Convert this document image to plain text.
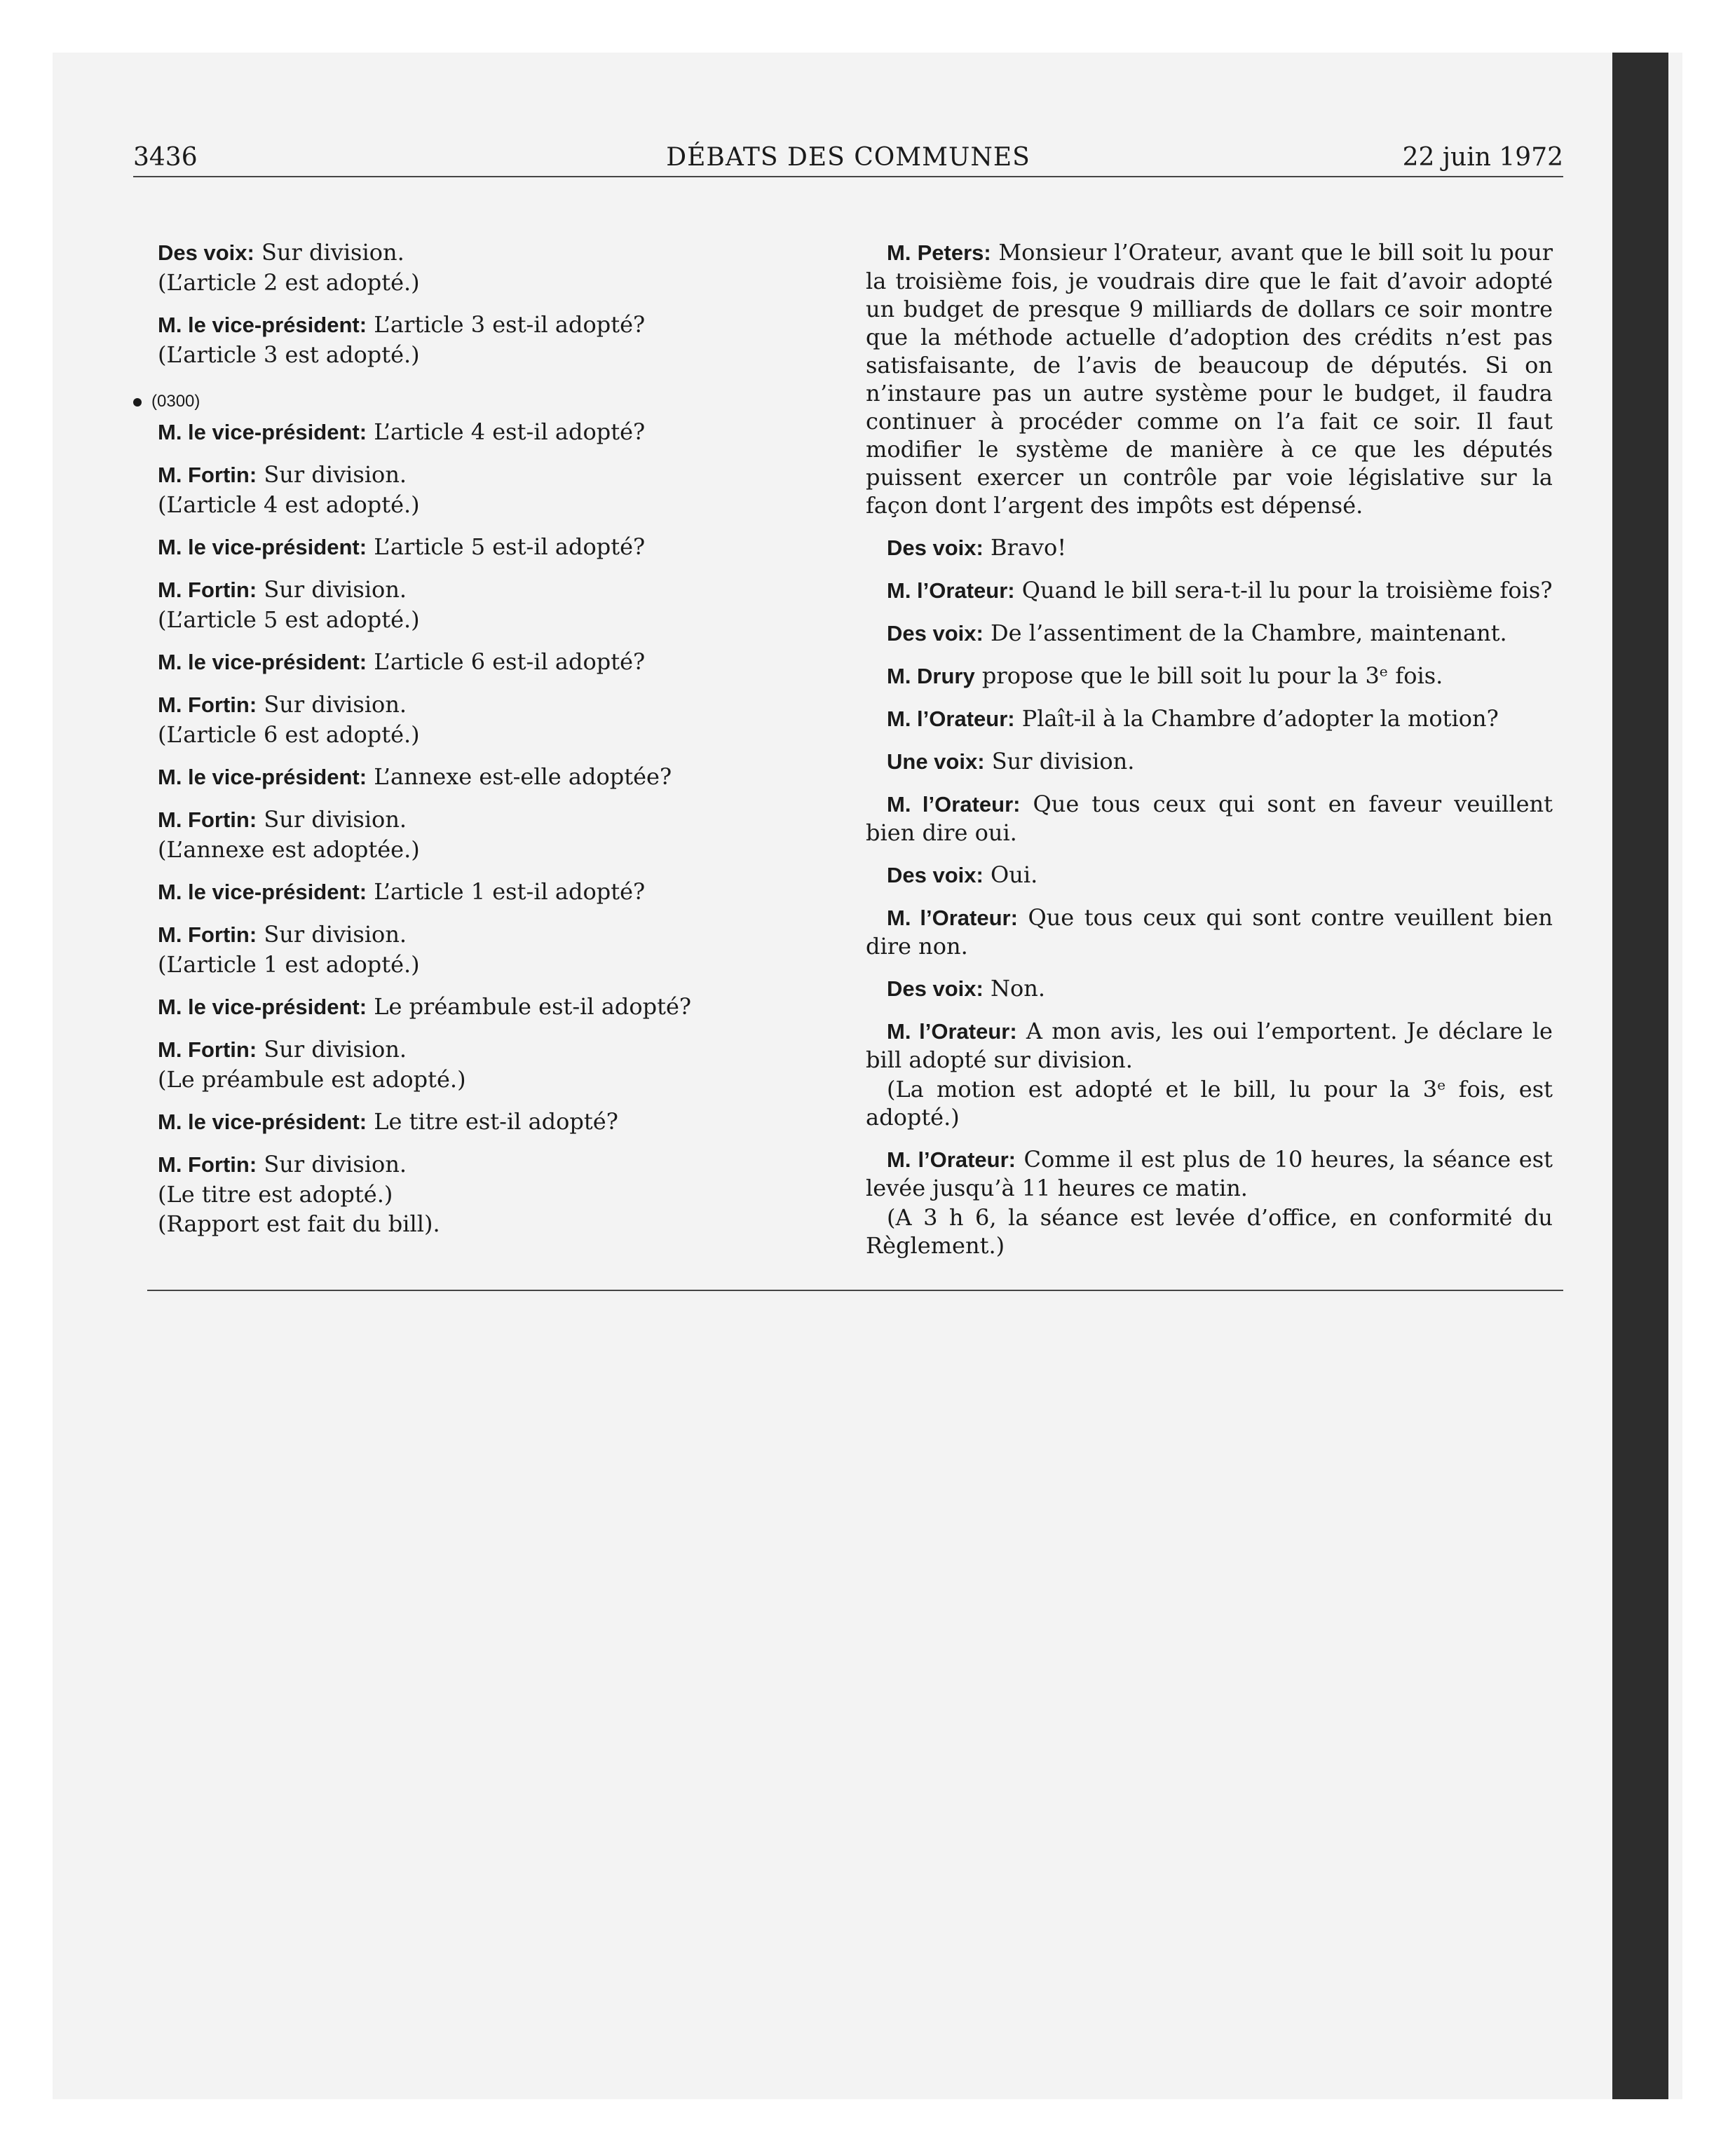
3436	DÉBATS DES COMMUNES	22 juin 1972
(0300)

Des voix: Sur division.

(L’article 2 est adopté.)

M. le vice-président: L’article 3 est-il adopté?

(L’article 3 est adopté.)

M. le vice-président: L’article 4 est-il adopté?

M. Fortin: Sur division.

(L’article 4 est adopté.)

M. le vice-président: L’article 5 est-il adopté?

M. Fortin: Sur division.

(L’article 5 est adopté.)

M. le vice-président: L’article 6 est-il adopté?

M. Fortin: Sur division.

(L’article 6 est adopté.)

M. le vice-président: L’annexe est-elle adoptée?

M. Fortin: Sur division.

(L’annexe est adoptée.)

M. le vice-président: L’article 1 est-il adopté?

M. Fortin: Sur division.

(L’article 1 est adopté.)

M. le vice-président: Le préambule est-il adopté?

M. Fortin: Sur division.

(Le préambule est adopté.)

M. le vice-président: Le titre est-il adopté?

M. Fortin: Sur division.

(Le titre est adopté.)

(Rapport est fait du bill).

M. Peters: Monsieur l’Orateur, avant que le bill soit lu pour la troisième fois, je voudrais dire que le fait d’avoir adopté un budget de presque 9 milliards de dollars ce soir montre que la méthode actuelle d’adoption des crédits n’est pas satisfaisante, de l’avis de beaucoup de députés. Si on n’instaure pas un autre système pour le budget, il faudra continuer à procéder comme on l’a fait ce soir. Il faut modifier le système de manière à ce que les députés puissent exercer un contrôle par voie législative sur la façon dont l’argent des impôts est dépensé.

Des voix: Bravo!

M. l’Orateur: Quand le bill sera-t-il lu pour la troisième fois?

Des voix: De l’assentiment de la Chambre, maintenant.

M. Drury propose que le bill soit lu pour la 3ᵉ fois.

M. l’Orateur: Plaît-il à la Chambre d’adopter la motion?

Une voix: Sur division.

M. l’Orateur: Que tous ceux qui sont en faveur veuillent bien dire oui.

Des voix: Oui.

M. l’Orateur: Que tous ceux qui sont contre veuillent bien dire non.

Des voix: Non.

M. l’Orateur: A mon avis, les oui l’emportent. Je déclare le bill adopté sur division.

(La motion est adopté et le bill, lu pour la 3ᵉ fois, est adopté.)

M. l’Orateur: Comme il est plus de 10 heures, la séance est levée jusqu’à 11 heures ce matin.

(A 3 h 6, la séance est levée d’office, en conformité du Règlement.)
